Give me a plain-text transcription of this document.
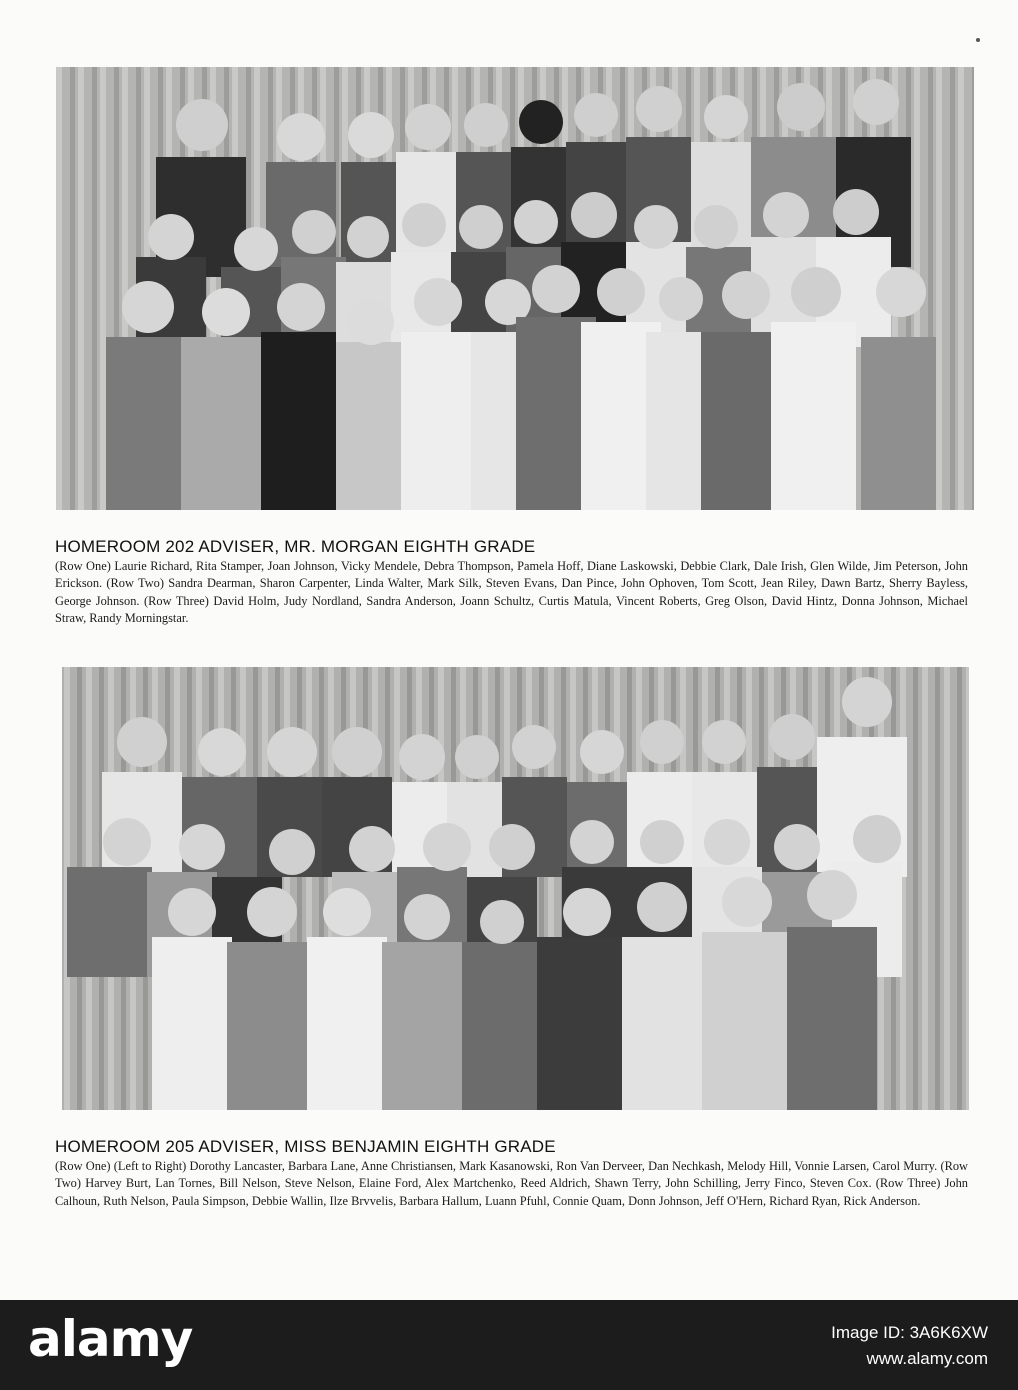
HOMEROOM 202 ADVISER, MR. MORGAN EIGHTH GRADE
(Row One) Laurie Richard, Rita Stamper, Joan Johnson, Vicky Mendele, Debra Thompson, Pamela Hoff, Diane Laskowski, Debbie Clark, Dale Irish, Glen Wilde, Jim Peterson, John Erickson. (Row Two) Sandra Dearman, Sharon Carpenter, Linda Walter, Mark Silk, Steven Evans, Dan Pince, John Ophoven, Tom Scott, Jean Riley, Dawn Bartz, Sherry Bayless, George Johnson. (Row Three) David Holm, Judy Nordland, Sandra Anderson, Joann Schultz, Curtis Matula, Vincent Roberts, Greg Olson, David Hintz, Donna Johnson, Michael Straw, Randy Morningstar.
HOMEROOM 205 ADVISER, MISS BENJAMIN EIGHTH GRADE
(Row One) (Left to Right) Dorothy Lancaster, Barbara Lane, Anne Christiansen, Mark Kasanowski, Ron Van Derveer, Dan Nechkash, Melody Hill, Vonnie Larsen, Carol Murry. (Row Two) Harvey Burt, Lan Tornes, Bill Nelson, Steve Nelson, Elaine Ford, Alex Martchenko, Reed Aldrich, Shawn Terry, John Schilling, Jerry Finco, Steven Cox. (Row Three) John Calhoun, Ruth Nelson, Paula Simpson, Debbie Wallin, Ilze Brvvelis, Barbara Hallum, Luann Pfuhl, Connie Quam, Donn Johnson, Jeff O'Hern, Richard Ryan, Rick Anderson.
alamy	Image ID: 3A6K6XW
www.alamy.com
